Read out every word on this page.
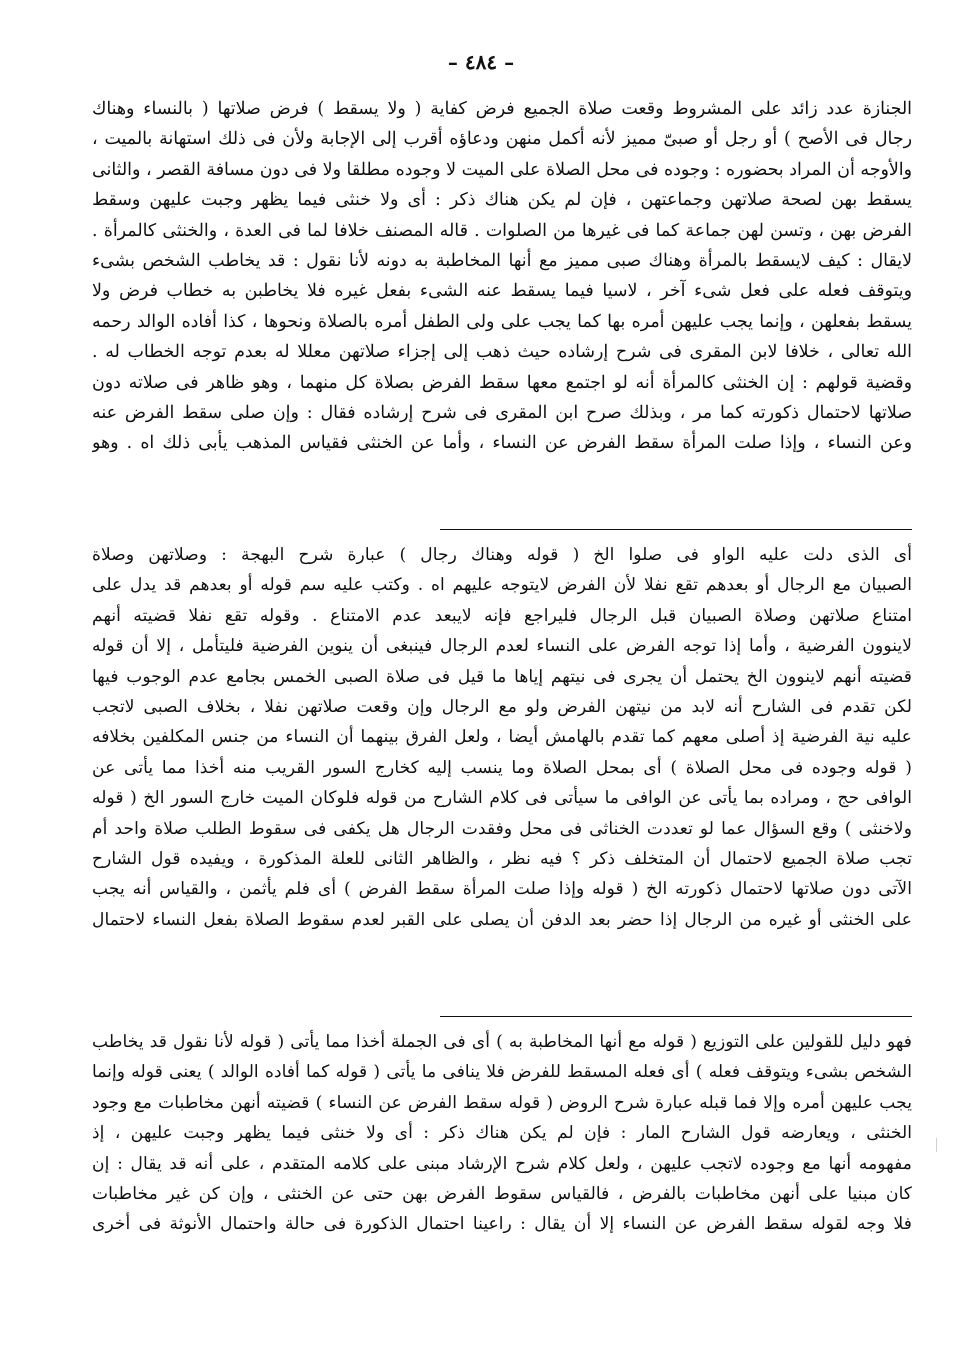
– ٤٨٤ –
الجنازة عدد زائد على المشروط وقعت صلاة الجميع فرض كفاية ( ولا يسقط ) فرض صلاتها ( بالنساء وهناك
رجال فى الأصح ) أو رجل أو صبىّ مميز لأنه أكمل منهن ودعاؤه أقرب إلى الإجابة ولأن فى ذلك استهانة بالميت ،
والأوجه أن المراد بحضوره : وجوده فى محل الصلاة على الميت لا وجوده مطلقا ولا فى دون مسافة القصر ، والثانى
يسقط بهن لصحة صلاتهن وجماعتهن ، فإن لم يكن هناك ذكر : أى ولا خنثى فيما يظهر وجبت عليهن وسقط
الفرض بهن ، وتسن لهن جماعة كما فى غيرها من الصلوات . قاله المصنف خلافا لما فى العدة ، والخنثى كالمرأة .
لايقال : كيف لايسقط بالمرأة وهناك صبى مميز مع أنها المخاطبة به دونه لأنا نقول : قد يخاطب الشخص بشىء
ويتوقف فعله على فعل شىء آخر ، لاسيا فيما يسقط عنه الشىء بفعل غيره فلا يخاطبن به خطاب فرض ولا
يسقط بفعلهن ، وإنما يجب عليهن أمره بها كما يجب على ولى الطفل أمره بالصلاة ونحوها ، كذا أفاده الوالد رحمه
الله تعالى ، خلافا لابن المقرى فى شرح إرشاده حيث ذهب إلى إجزاء صلاتهن معللا له بعدم توجه الخطاب له .
وقضية قولهم : إن الخنثى كالمرأة أنه لو اجتمع معها سقط الفرض بصلاة كل منهما ، وهو ظاهر فى صلاته دون
صلاتها لاحتمال ذكورته كما مر ، وبذلك صرح ابن المقرى فى شرح إرشاده فقال : وإن صلى سقط الفرض عنه
وعن النساء ، وإذا صلت المرأة سقط الفرض عن النساء ، وأما عن الخنثى فقياس المذهب يأبى ذلك اه . وهو
أى الذى دلت عليه الواو فى صلوا الخ ( قوله وهناك رجال ) عبارة شرح البهجة : وصلاتهن وصلاة
الصبيان مع الرجال أو بعدهم تقع نفلا لأن الفرض لايتوجه عليهم اه . وكتب عليه سم قوله أو بعدهم قد يدل على
امتناع صلاتهن وصلاة الصبيان قبل الرجال فليراجع فإنه لايبعد عدم الامتناع . وقوله تقع نفلا قضيته أنهم
لاينوون الفرضية ، وأما إذا توجه الفرض على النساء لعدم الرجال فينبغى أن ينوين الفرضية فليتأمل ، إلا أن قوله
قضيته أنهم لاينوون الخ يحتمل أن يجرى فى نيتهم إياها ما قيل فى صلاة الصبى الخمس بجامع عدم الوجوب فيها
لكن تقدم فى الشارح أنه لابد من نيتهن الفرض ولو مع الرجال وإن وقعت صلاتهن نفلا ، بخلاف الصبى لاتجب
عليه نية الفرضية إذ أصلى معهم كما تقدم بالهامش أيضا ، ولعل الفرق بينهما أن النساء من جنس المكلفين بخلافه
( قوله وجوده فى محل الصلاة ) أى بمحل الصلاة وما ينسب إليه كخارج السور القريب منه أخذا مما يأتى عن
الوافى حج ، ومراده بما يأتى عن الوافى ما سيأتى فى كلام الشارح من قوله فلوكان الميت خارج السور الخ ( قوله
ولاخنثى ) وقع السؤال عما لو تعددت الخناثى فى محل وفقدت الرجال هل يكفى فى سقوط الطلب صلاة واحد أم
تجب صلاة الجميع لاحتمال أن المتخلف ذكر ؟ فيه نظر ، والظاهر الثانى للعلة المذكورة ، ويفيده قول الشارح
الآتى دون صلاتها لاحتمال ذكورته الخ ( قوله وإذا صلت المرأة سقط الفرض ) أى فلم يأثمن ، والقياس أنه يجب
على الخنثى أو غيره من الرجال إذا حضر بعد الدفن أن يصلى على القبر لعدم سقوط الصلاة بفعل النساء لاحتمال
فهو دليل للقولين على التوزيع ( قوله مع أنها المخاطبة به ) أى فى الجملة أخذا مما يأتى ( قوله لأنا نقول قد يخاطب
الشخص بشىء ويتوقف فعله ) أى فعله المسقط للفرض فلا ينافى ما يأتى ( قوله كما أفاده الوالد ) يعنى قوله وإنما
يجب عليهن أمره وإلا فما قبله عبارة شرح الروض ( قوله سقط الفرض عن النساء ) قضيته أنهن مخاطبات مع وجود
الخنثى ، ويعارضه قول الشارح المار : فإن لم يكن هناك ذكر : أى ولا خنثى فيما يظهر وجبت عليهن ، إذ
مفهومه أنها مع وجوده لاتجب عليهن ، ولعل كلام شرح الإرشاد مبنى على كلامه المتقدم ، على أنه قد يقال : إن
كان مبنيا على أنهن مخاطبات بالفرض ، فالقياس سقوط الفرض بهن حتى عن الخنثى ، وإن كن غير مخاطبات
فلا وجه لقوله سقط الفرض عن النساء إلا أن يقال : راعينا احتمال الذكورة فى حالة واحتمال الأنوثة فى أخرى
